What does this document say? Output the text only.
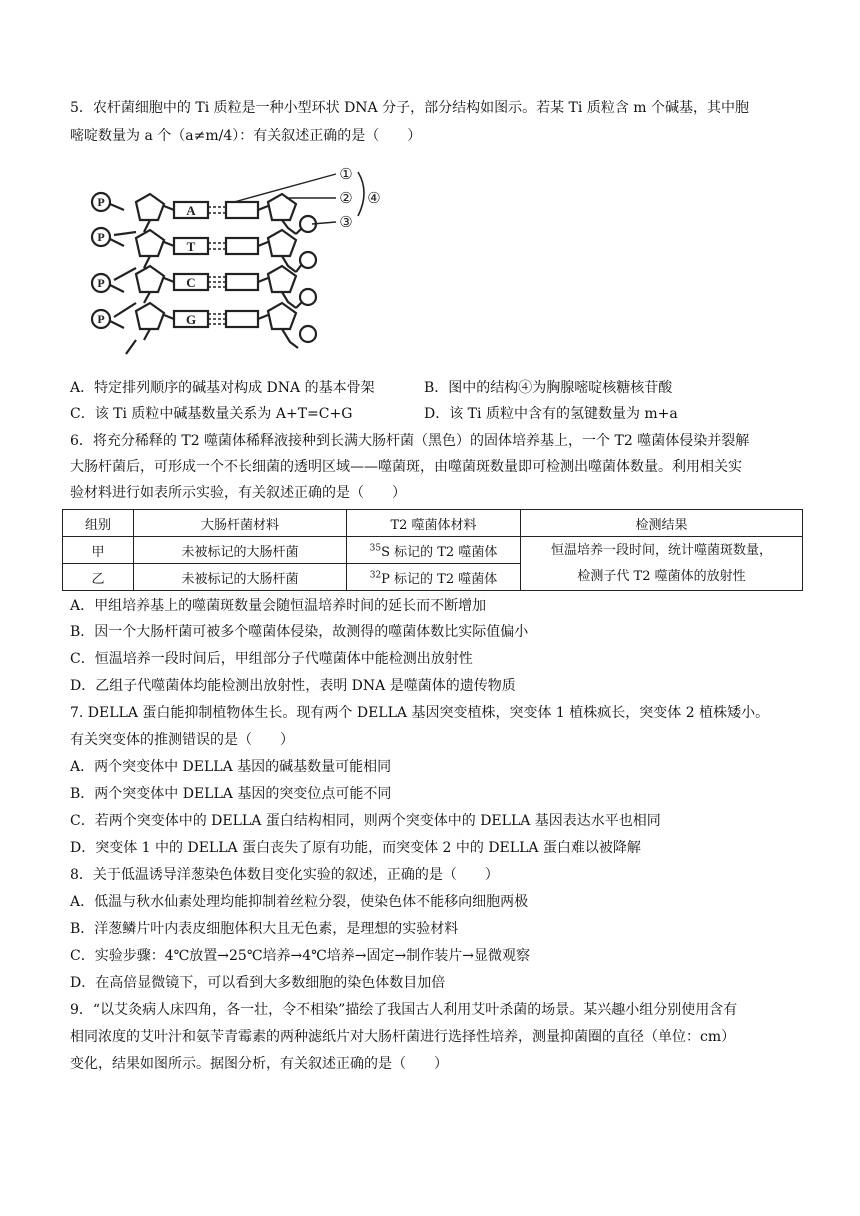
5．农杆菌细胞中的 Ti 质粒是一种小型环状 DNA 分子，部分结构如图示。若某 Ti 质粒含 m 个碱基，其中胞
嘧啶数量为 a 个（a≠m/4）：有关叙述正确的是（　　）
P
P
P
P
A
T
C
G
①
②
③
④
A．特定排列顺序的碱基对构成 DNA 的基本骨架	B．图中的结构④为胸腺嘧啶核糖核苷酸
C．该 Ti 质粒中碱基数量关系为 A+T=C+G	D．该 Ti 质粒中含有的氢键数量为 m+a
6．将充分稀释的 T2 噬菌体稀释液接种到长满大肠杆菌（黑色）的固体培养基上，一个 T2 噬菌体侵染并裂解
大肠杆菌后，可形成一个不长细菌的透明区域——噬菌斑，由噬菌斑数量即可检测出噬菌体数量。利用相关实
验材料进行如表所示实验，有关叙述正确的是（　　）
组别	大肠杆菌材料	T2 噬菌体材料	检测结果
甲	未被标记的大肠杆菌	$^{35}$S 标记的 T2 噬菌体	恒温培养一段时间，统计噬菌斑数量，
检测子代 T2 噬菌体的放射性
乙	未被标记的大肠杆菌	$^{32}$P 标记的 T2 噬菌体	
A．甲组培养基上的噬菌斑数量会随恒温培养时间的延长而不断增加
B．因一个大肠杆菌可被多个噬菌体侵染，故测得的噬菌体数比实际值偏小
C．恒温培养一段时间后，甲组部分子代噬菌体中能检测出放射性
D．乙组子代噬菌体均能检测出放射性，表明 DNA 是噬菌体的遗传物质
7. DELLA 蛋白能抑制植物体生长。现有两个 DELLA 基因突变植株，突变体 1 植株疯长，突变体 2 植株矮小。
有关突变体的推测错误的是（　　）
A．两个突变体中 DELLA 基因的碱基数量可能相同
B．两个突变体中 DELLA 基因的突变位点可能不同
C．若两个突变体中的 DELLA 蛋白结构相同，则两个突变体中的 DELLA 基因表达水平也相同
D．突变体 1 中的 DELLA 蛋白丧失了原有功能，而突变体 2 中的 DELLA 蛋白难以被降解
8．关于低温诱导洋葱染色体数目变化实验的叙述，正确的是（　　）
A．低温与秋水仙素处理均能抑制着丝粒分裂，使染色体不能移向细胞两极
B．洋葱鳞片叶内表皮细胞体积大且无色素，是理想的实验材料
C．实验步骤：4℃放置→25℃培养→4℃培养→固定→制作装片→显微观察
D．在高倍显微镜下，可以看到大多数细胞的染色体数目加倍
9．“以艾灸病人床四角，各一壮，令不相染”描绘了我国古人利用艾叶杀菌的场景。某兴趣小组分别使用含有
相同浓度的艾叶汁和氨苄青霉素的两种滤纸片对大肠杆菌进行选择性培养，测量抑菌圈的直径（单位：cm）
变化，结果如图所示。据图分析，有关叙述正确的是（　　）
